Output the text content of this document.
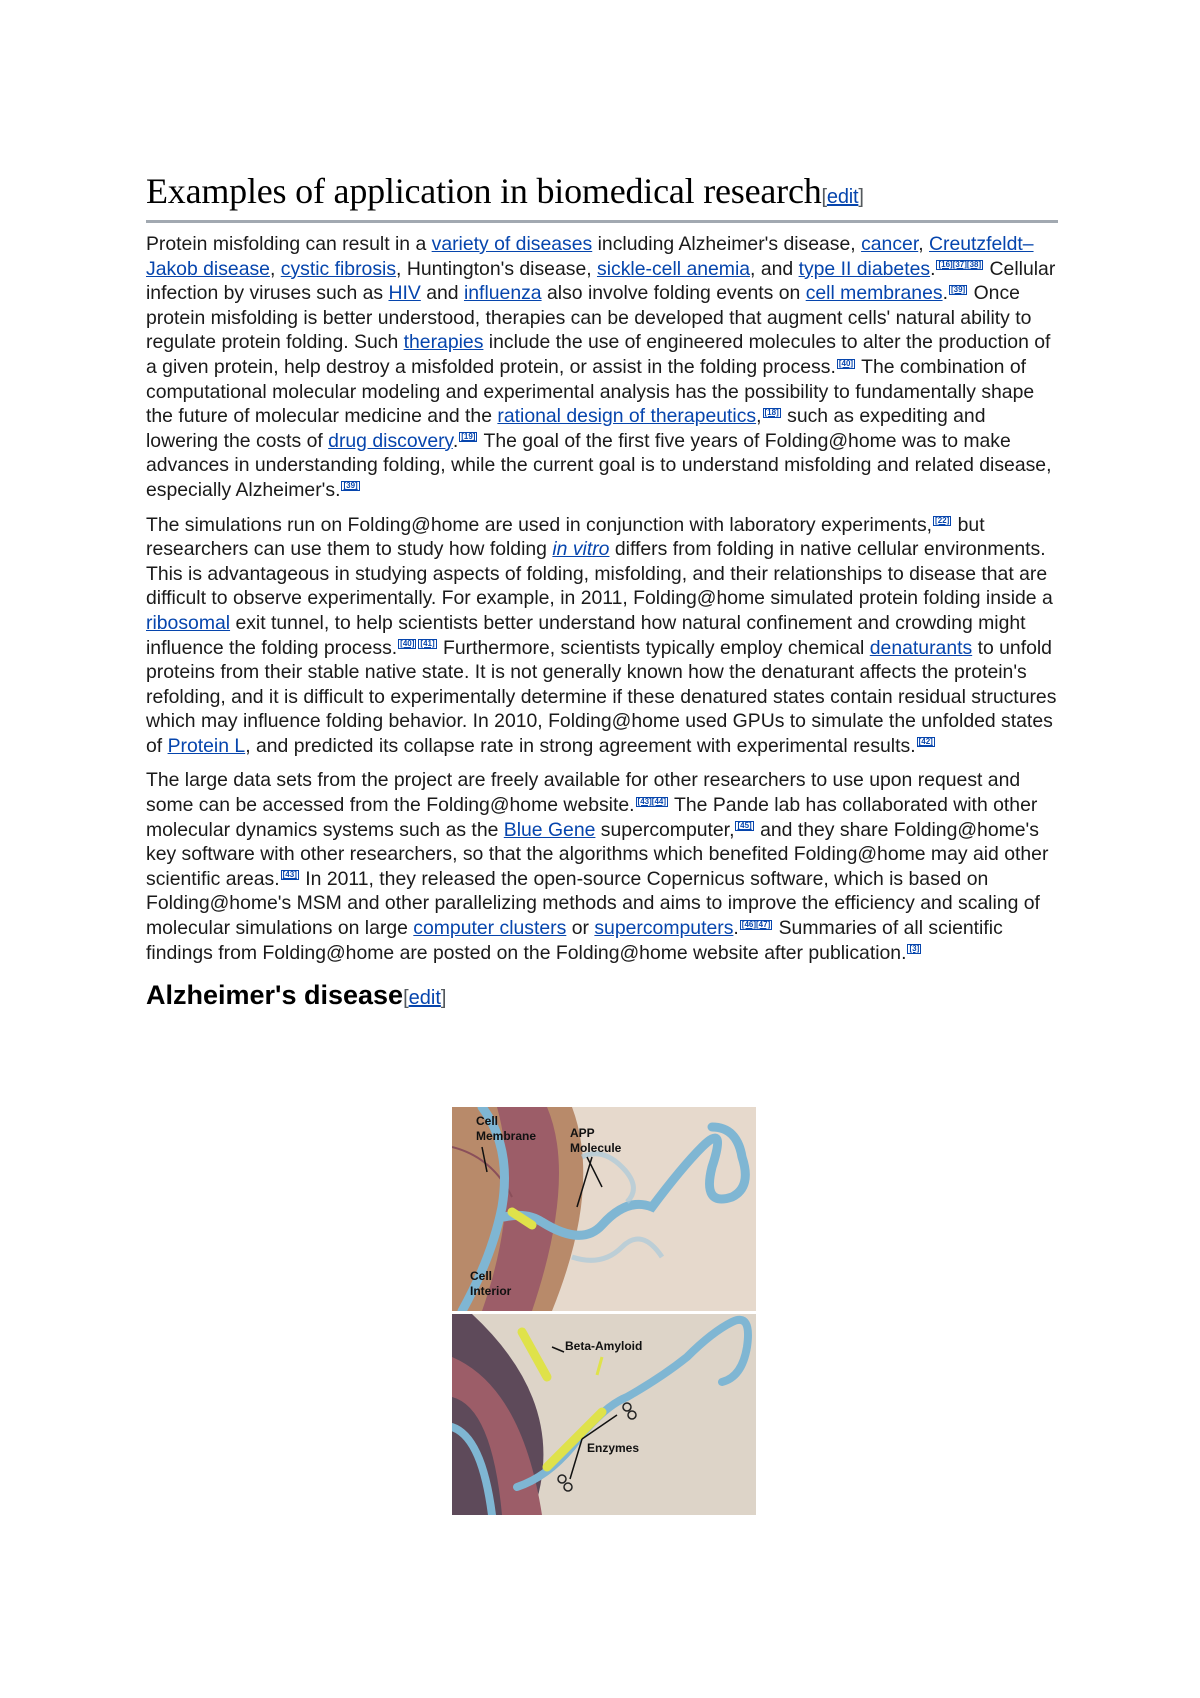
Examples of application in biomedical research[edit]

Protein misfolding can result in a variety of diseases including Alzheimer's disease, cancer, Creutzfeldt–Jakob disease, cystic fibrosis, Huntington's disease, sickle-cell anemia, and type II diabetes. [16][37][38] Cellular infection by viruses such as HIV and influenza also involve folding events on cell membranes. [39] Once protein misfolding is better understood, therapies can be developed that augment cells' natural ability to regulate protein folding. Such therapies include the use of engineered molecules to alter the production of a given protein, help destroy a misfolded protein, or assist in the folding process. [40] The combination of computational molecular modeling and experimental analysis has the possibility to fundamentally shape the future of molecular medicine and the rational design of therapeutics, [18] such as expediting and lowering the costs of drug discovery. [19] The goal of the first five years of Folding@home was to make advances in understanding folding, while the current goal is to understand misfolding and related disease, especially Alzheimer's. [39]

The simulations run on Folding@home are used in conjunction with laboratory experiments, [22] but researchers can use them to study how folding in vitro differs from folding in native cellular environments. This is advantageous in studying aspects of folding, misfolding, and their relationships to disease that are difficult to observe experimentally. For example, in 2011, Folding@home simulated protein folding inside a ribosomal exit tunnel, to help scientists better understand how natural confinement and crowding might influence the folding process. [40] [41] Furthermore, scientists typically employ chemical denaturants to unfold proteins from their stable native state. It is not generally known how the denaturant affects the protein's refolding, and it is difficult to experimentally determine if these denatured states contain residual structures which may influence folding behavior. In 2010, Folding@home used GPUs to simulate the unfolded states of Protein L, and predicted its collapse rate in strong agreement with experimental results. [42]

The large data sets from the project are freely available for other researchers to use upon request and some can be accessed from the Folding@home website. [43][44] The Pande lab has collaborated with other molecular dynamics systems such as the Blue Gene supercomputer, [45] and they share Folding@home's key software with other researchers, so that the algorithms which benefited Folding@home may aid other scientific areas. [43] In 2011, they released the open-source Copernicus software, which is based on Folding@home's MSM and other parallelizing methods and aims to improve the efficiency and scaling of molecular simulations on large computer clusters or supercomputers. [46][47] Summaries of all scientific findings from Folding@home are posted on the Folding@home website after publication. [3]

Alzheimer's disease[edit]
Cell
Membrane	APP
Molecule
Cell
Interior
Beta-Amyloid
Enzymes
